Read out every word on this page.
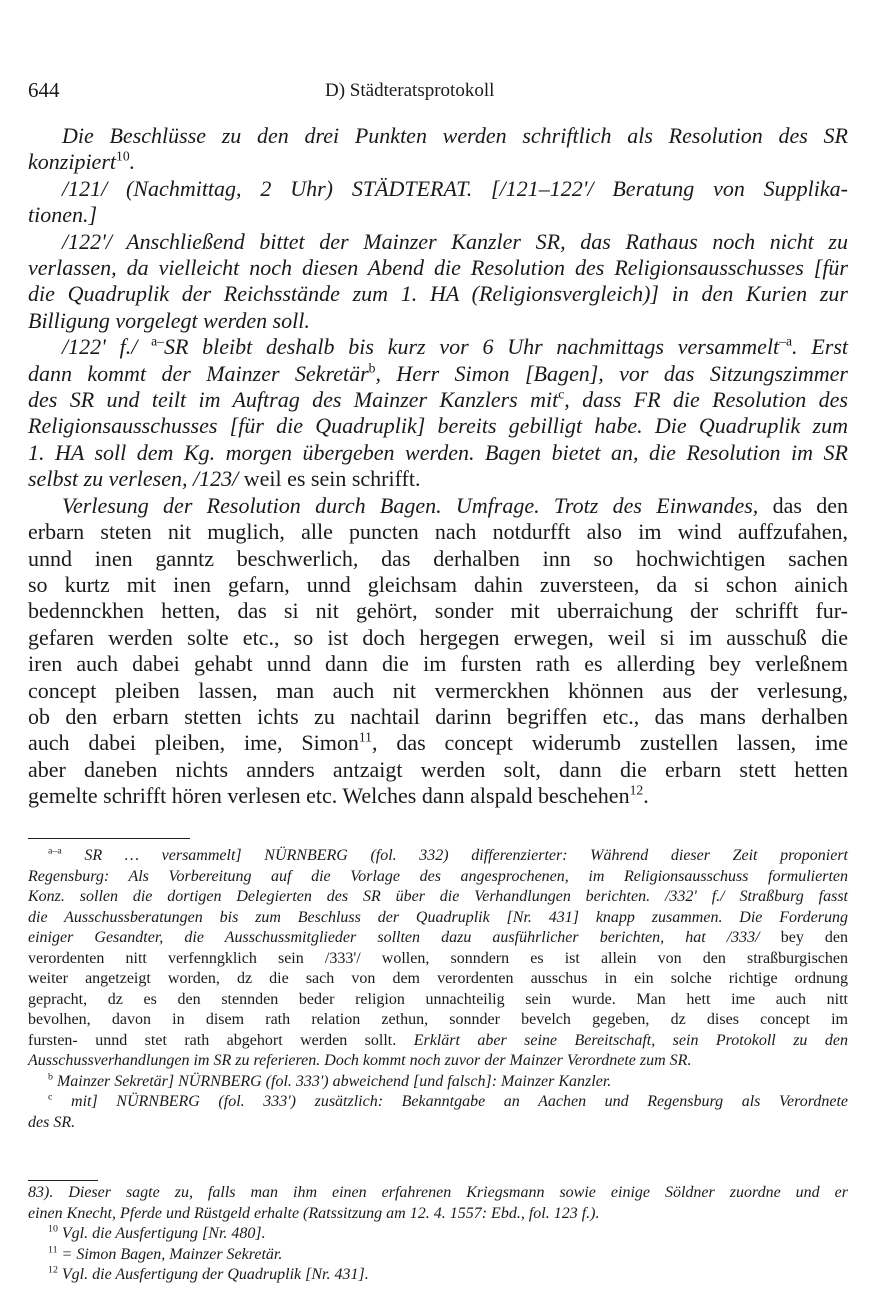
644	D) Städteratsprotokoll
Die Beschlüsse zu den drei Punkten werden schriftlich als Resolution des SR
konzipiert$^{10}$.
/121/ (Nachmittag, 2 Uhr) STÄDTERAT. [/121–122'/ Beratung von Supplika-
tionen.]
/122'/ Anschließend bittet der Mainzer Kanzler SR, das Rathaus noch nicht zu
verlassen, da vielleicht noch diesen Abend die Resolution des Religionsausschusses [für
die Quadruplik der Reichsstände zum 1. HA (Religionsvergleich)] in den Kurien zur
Billigung vorgelegt werden soll.
/122' f./ $^{a-}$SR bleibt deshalb bis kurz vor 6 Uhr nachmittags versammelt$^{-a}$. Erst
dann kommt der Mainzer Sekretär$^b$, Herr Simon [Bagen], vor das Sitzungszimmer
des SR und teilt im Auftrag des Mainzer Kanzlers mit$^c$, dass FR die Resolution des
Religionsausschusses [für die Quadruplik] bereits gebilligt habe. Die Quadruplik zum
1. HA soll dem Kg. morgen übergeben werden. Bagen bietet an, die Resolution im SR
selbst zu verlesen, /123/ weil es sein schrifft.
Verlesung der Resolution durch Bagen. Umfrage. Trotz des Einwandes, das den
erbarn steten nit muglich, alle puncten nach notdurfft also im wind auffzufahen,
unnd inen ganntz beschwerlich, das derhalben inn so hochwichtigen sachen
so kurtz mit inen gefarn, unnd gleichsam dahin zuversteen, da si schon ainich
bedennckhen hetten, das si nit gehört, sonder mit uberraichung der schrifft fur-
gefaren werden solte etc., so ist doch hergegen erwegen, weil si im ausschuß die
iren auch dabei gehabt unnd dann die im fursten rath es allerding bey verleßnem
concept pleiben lassen, man auch nit vermerckhen khönnen aus der verlesung,
ob den erbarn stetten ichts zu nachtail darinn begriffen etc., das mans derhalben
auch dabei pleiben, ime, Simon$^{11}$, das concept widerumb zustellen lassen, ime
aber daneben nichts annders antzaigt werden solt, dann die erbarn stett hetten
gemelte schrifft hören verlesen etc. Welches dann alspald beschehen$^{12}$.
$^{a-a}$ SR … versammelt] NÜRNBERG (fol. 332) differenzierter: Während dieser Zeit proponiert
Regensburg: Als Vorbereitung auf die Vorlage des angesprochenen, im Religionsausschuss formulierten
Konz. sollen die dortigen Delegierten des SR über die Verhandlungen berichten. /332' f./ Straßburg fasst
die Ausschussberatungen bis zum Beschluss der Quadruplik [Nr. 431] knapp zusammen. Die Forderung
einiger Gesandter, die Ausschussmitglieder sollten dazu ausführlicher berichten, hat /333/ bey den
verordenten nitt verfenngklich sein /333'/ wollen, sonndern es ist allein von den straßburgischen
weiter angetzeigt worden, dz die sach von dem verordenten ausschus in ein solche richtige ordnung
gepracht, dz es den stennden beder religion unnachteilig sein wurde. Man hett ime auch nitt
bevolhen, davon in disem rath relation zethun, sonnder bevelch gegeben, dz dises concept im
fursten- unnd stet rath abgehort werden sollt. Erklärt aber seine Bereitschaft, sein Protokoll zu den
Ausschussverhandlungen im SR zu referieren. Doch kommt noch zuvor der Mainzer Verordnete zum SR.
$^b$ Mainzer Sekretär] NÜRNBERG (fol. 333') abweichend [und falsch]: Mainzer Kanzler.
$^c$ mit] NÜRNBERG (fol. 333') zusätzlich: Bekanntgabe an Aachen und Regensburg als Verordnete
des SR.
83). Dieser sagte zu, falls man ihm einen erfahrenen Kriegsmann sowie einige Söldner zuordne und er
einen Knecht, Pferde und Rüstgeld erhalte (Ratssitzung am 12. 4. 1557: Ebd., fol. 123 f.).
$^{10}$ Vgl. die Ausfertigung [Nr. 480].
$^{11}$ = Simon Bagen, Mainzer Sekretär.
$^{12}$ Vgl. die Ausfertigung der Quadruplik [Nr. 431].
